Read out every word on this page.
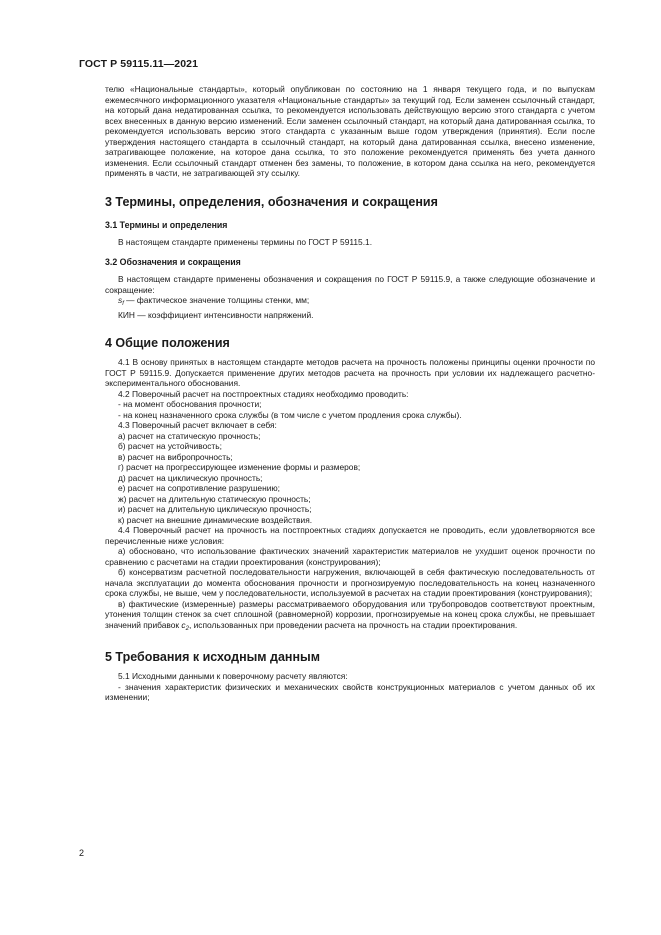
ГОСТ Р 59115.11—2021

телю «Национальные стандарты», который опубликован по состоянию на 1 января текущего года, и по выпускам ежемесячного информационного указателя «Национальные стандарты» за текущий год. Если заменен ссылочный стандарт, на который дана недатированная ссылка, то рекомендуется использовать действующую версию этого стандарта с учетом всех внесенных в данную версию изменений. Если заменен ссылочный стандарт, на который дана датированная ссылка, то рекомендуется использовать версию этого стандарта с указанным выше годом утверждения (принятия). Если после утверждения настоящего стандарта в ссылочный стандарт, на который дана датированная ссылка, внесено изменение, затрагивающее положение, на которое дана ссылка, то это положение рекомендуется применять без учета данного изменения. Если ссылочный стандарт отменен без замены, то положение, в котором дана ссылка на него, рекомендуется применять в части, не затрагивающей эту ссылку.

3 Термины, определения, обозначения и сокращения

3.1 Термины и определения

В настоящем стандарте применены термины по ГОСТ Р 59115.1.

3.2 Обозначения и сокращения

В настоящем стандарте применены обозначения и сокращения по ГОСТ Р 59115.9, а также следующие обозначение и сокращение:

$s_f$ — фактическое значение толщины стенки, мм;

КИН — коэффициент интенсивности напряжений.

4 Общие положения

4.1 В основу принятых в настоящем стандарте методов расчета на прочность положены принципы оценки прочности по ГОСТ Р 59115.9. Допускается применение других методов расчета на прочность при условии их надлежащего расчетно-экспериментального обоснования.

4.2 Поверочный расчет на постпроектных стадиях необходимо проводить:

- на момент обоснования прочности;

- на конец назначенного срока службы (в том числе с учетом продления срока службы).

4.3 Поверочный расчет включает в себя:

а) расчет на статическую прочность;

б) расчет на устойчивость;

в) расчет на вибропрочность;

г) расчет на прогрессирующее изменение формы и размеров;

д) расчет на циклическую прочность;

е) расчет на сопротивление разрушению;

ж) расчет на длительную статическую прочность;

и) расчет на длительную циклическую прочность;

к) расчет на внешние динамические воздействия.

4.4 Поверочный расчет на прочность на постпроектных стадиях допускается не проводить, если удовлетворяются все перечисленные ниже условия:

а) обосновано, что использование фактических значений характеристик материалов не ухудшит оценок прочности по сравнению с расчетами на стадии проектирования (конструирования);

б) консерватизм расчетной последовательности нагружения, включающей в себя фактическую последовательность от начала эксплуатации до момента обоснования прочности и прогнозируемую последовательность на конец назначенного срока службы, не выше, чем у последовательности, используемой в расчетах на стадии проектирования (конструирования);

в) фактические (измеренные) размеры рассматриваемого оборудования или трубопроводов соответствуют проектным, утонения толщин стенок за счет сплошной (равномерной) коррозии, прогнозируемые на конец срока службы, не превышает значений прибавок $c_2$, использованных при проведении расчета на прочность на стадии проектирования.

5 Требования к исходным данным

5.1 Исходными данными к поверочному расчету являются:

- значения характеристик физических и механических свойств конструкционных материалов с учетом данных об их изменении;

2
